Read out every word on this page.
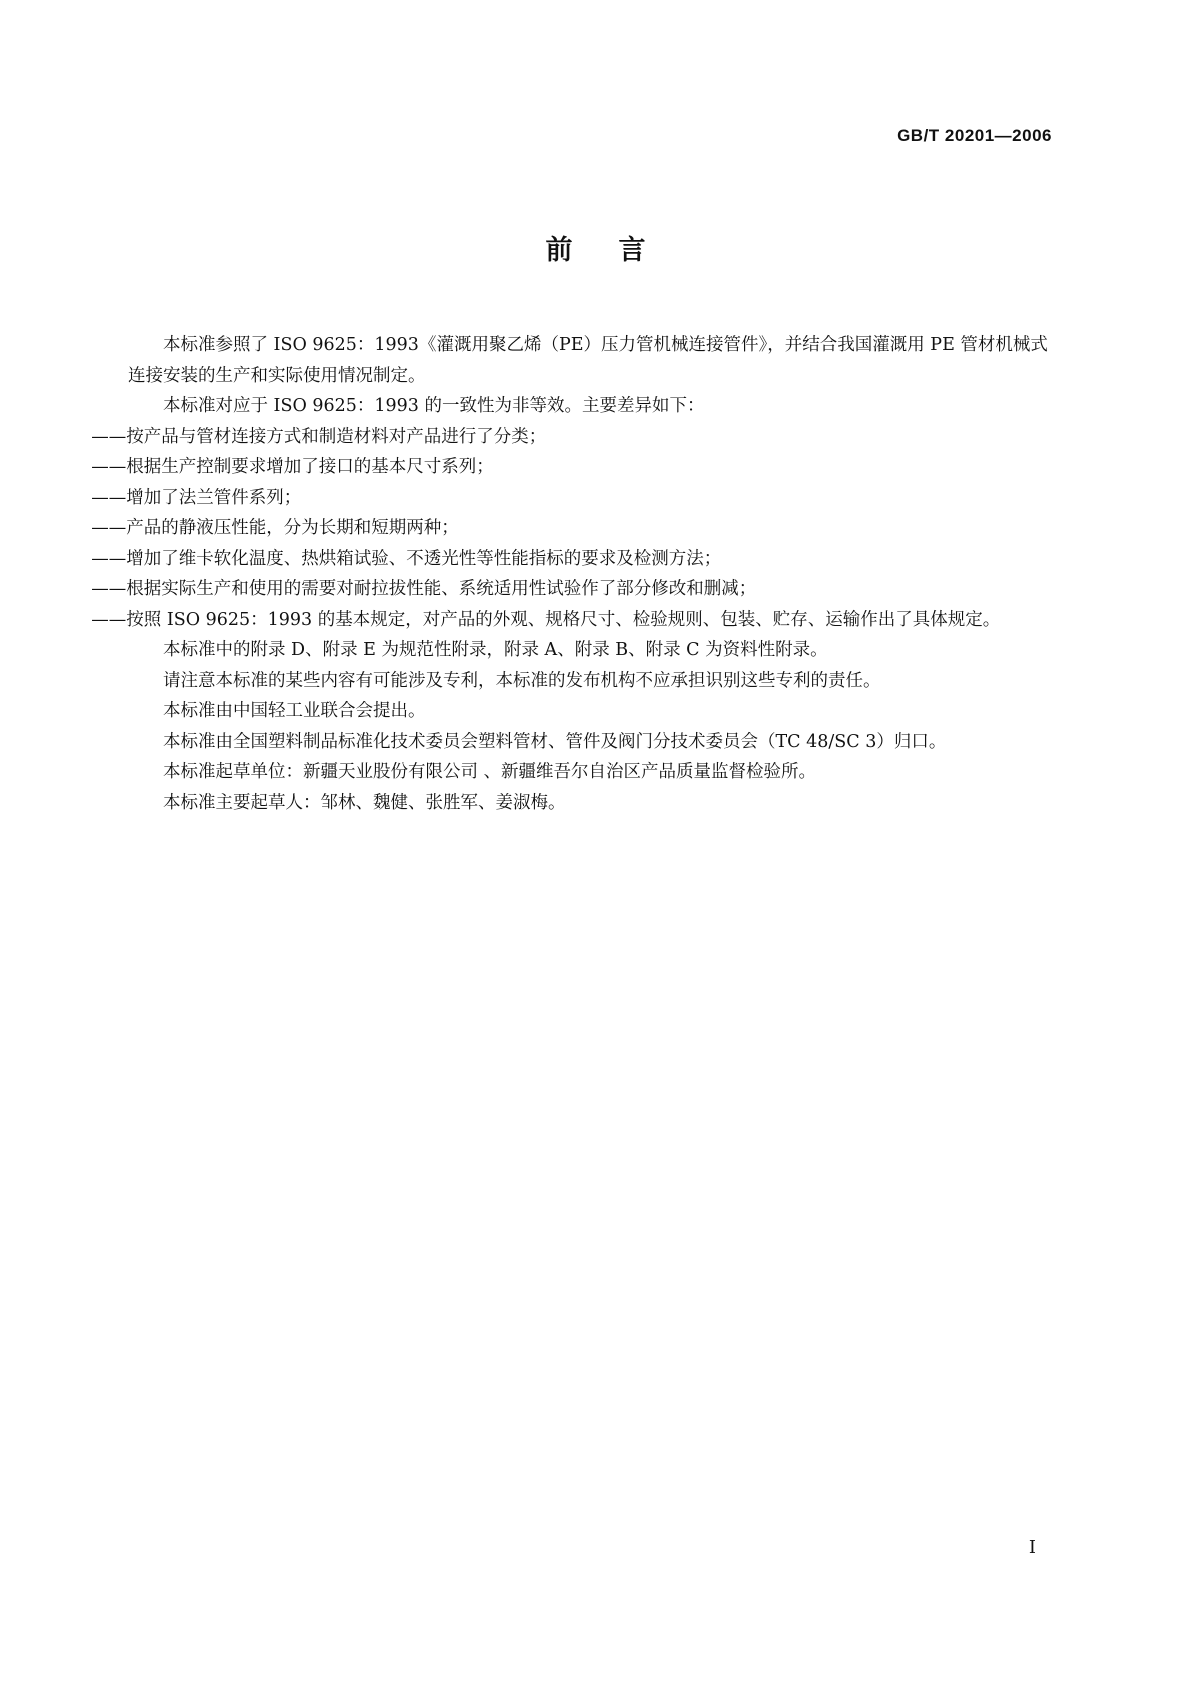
GB/T 20201—2006
前言

本标准参照了 ISO 9625：1993《灌溉用聚乙烯（PE）压力管机械连接管件》，并结合我国灌溉用 PE 管材机械式连接安装的生产和实际使用情况制定。

本标准对应于 ISO 9625：1993 的一致性为非等效。主要差异如下：

——按产品与管材连接方式和制造材料对产品进行了分类；

——根据生产控制要求增加了接口的基本尺寸系列；

——增加了法兰管件系列；

——产品的静液压性能，分为长期和短期两种；

——增加了维卡软化温度、热烘箱试验、不透光性等性能指标的要求及检测方法；

——根据实际生产和使用的需要对耐拉拔性能、系统适用性试验作了部分修改和删减；

——按照 ISO 9625：1993 的基本规定，对产品的外观、规格尺寸、检验规则、包装、贮存、运输作出了具体规定。

本标准中的附录 D、附录 E 为规范性附录，附录 A、附录 B、附录 C 为资料性附录。

请注意本标准的某些内容有可能涉及专利，本标准的发布机构不应承担识别这些专利的责任。

本标准由中国轻工业联合会提出。

本标准由全国塑料制品标准化技术委员会塑料管材、管件及阀门分技术委员会（TC 48/SC 3）归口。

本标准起草单位：新疆天业股份有限公司 、新疆维吾尔自治区产品质量监督检验所。

本标准主要起草人：邹林、魏健、张胜军、姜淑梅。

I
